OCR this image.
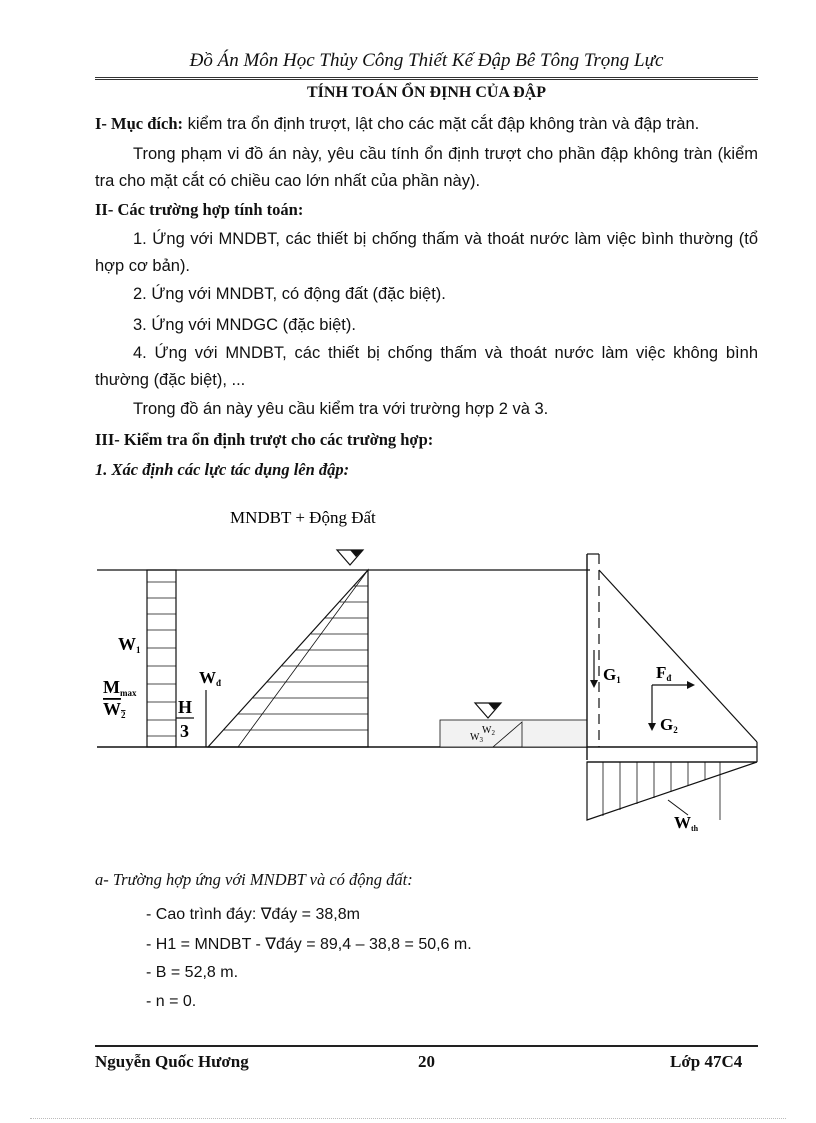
Đồ Án Môn Học Thủy Công Thiết Kế Đập Bê Tông Trọng Lực
TÍNH TOÁN ỔN ĐỊNH CỦA ĐẬP
I- Mục đích: kiểm tra ổn định trượt, lật cho các mặt cắt đập không tràn và đập tràn.
Trong phạm vi đồ án này, yêu cầu tính ổn định trượt cho phần đập không tràn (kiểm tra cho mặt cắt có chiều cao lớn nhất của phần này).
II- Các trường hợp tính toán:
1. Ứng với MNDBT, các thiết bị chống thấm và thoát nước làm việc bình thường (tổ hợp cơ bản).
2. Ứng với MNDBT, có động đất (đặc biệt).
3. Ứng với MNDGC (đặc biệt).
4. Ứng với MNDBT, các thiết bị chống thấm và thoát nước làm việc không bình thường (đặc biệt), ...
Trong đồ án này yêu cầu kiểm tra với trường hợp 2 và 3.
III- Kiểm tra ổn định trượt cho các trường hợp:
1. Xác định các lực tác dụng lên đập:
MNDBT + Động Đất
W1
Mmax
W2	H
3
Wđ
$W_3$
$W_2$
G1 Fđ
G2
Wth
a- Trường hợp ứng với MNDBT và có động đất:
- Cao trình đáy: ∇đáy = 38,8m
- H1 = MNDBT - ∇đáy = 89,4 – 38,8 = 50,6 m.
- B = 52,8 m.
- n = 0.
Nguyễn Quốc Hương	20	Lớp 47C4
